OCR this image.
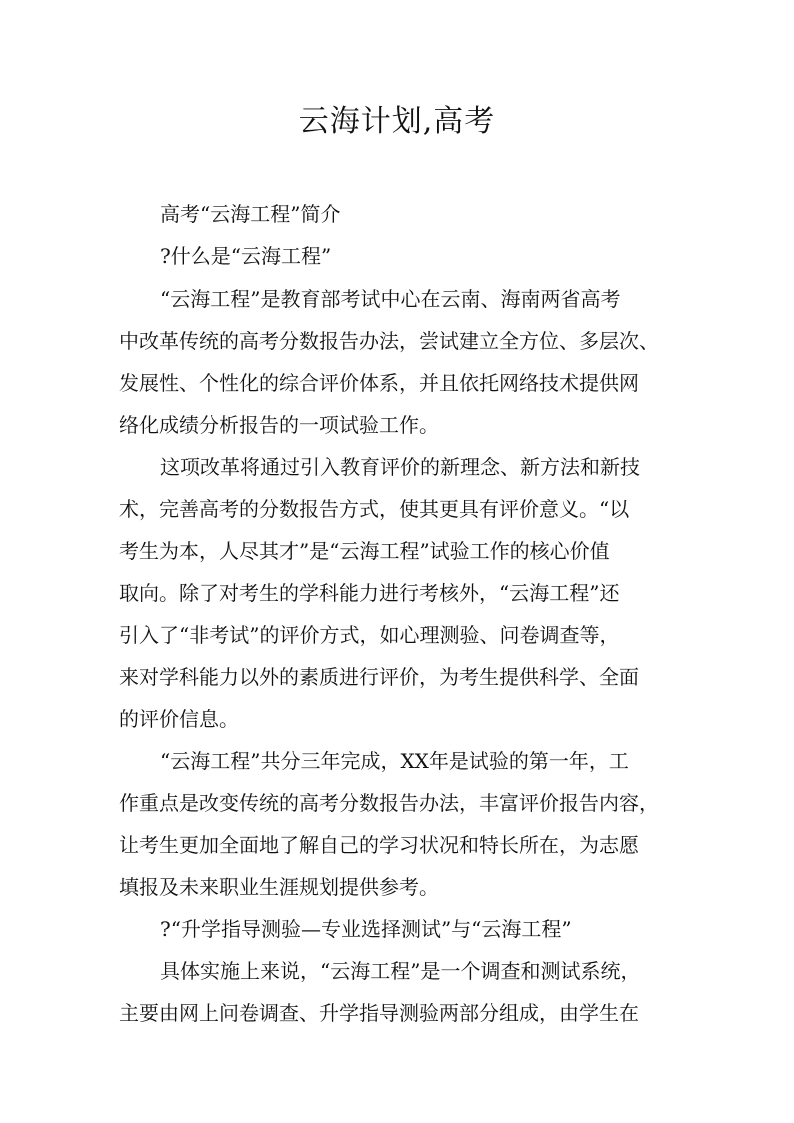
云海计划,高考
高考“云海工程”简介
?什么是“云海工程”
“云海工程”是教育部考试中心在云南、海南两省高考
中改革传统的高考分数报告办法，尝试建立全方位、多层次、
发展性、个性化的综合评价体系，并且依托网络技术提供网
络化成绩分析报告的一项试验工作。
这项改革将通过引入教育评价的新理念、新方法和新技
术，完善高考的分数报告方式，使其更具有评价意义。“以
考生为本，人尽其才”是“云海工程”试验工作的核心价值
取向。除了对考生的学科能力进行考核外，“云海工程”还
引入了“非考试”的评价方式，如心理测验、问卷调查等，
来对学科能力以外的素质进行评价，为考生提供科学、全面
的评价信息。
“云海工程”共分三年完成，XX年是试验的第一年，工
作重点是改变传统的高考分数报告办法，丰富评价报告内容，
让考生更加全面地了解自己的学习状况和特长所在，为志愿
填报及未来职业生涯规划提供参考。
?“升学指导测验—专业选择测试”与“云海工程”
具体实施上来说，“云海工程”是一个调查和测试系统，
主要由网上问卷调查、升学指导测验两部分组成，由学生在
